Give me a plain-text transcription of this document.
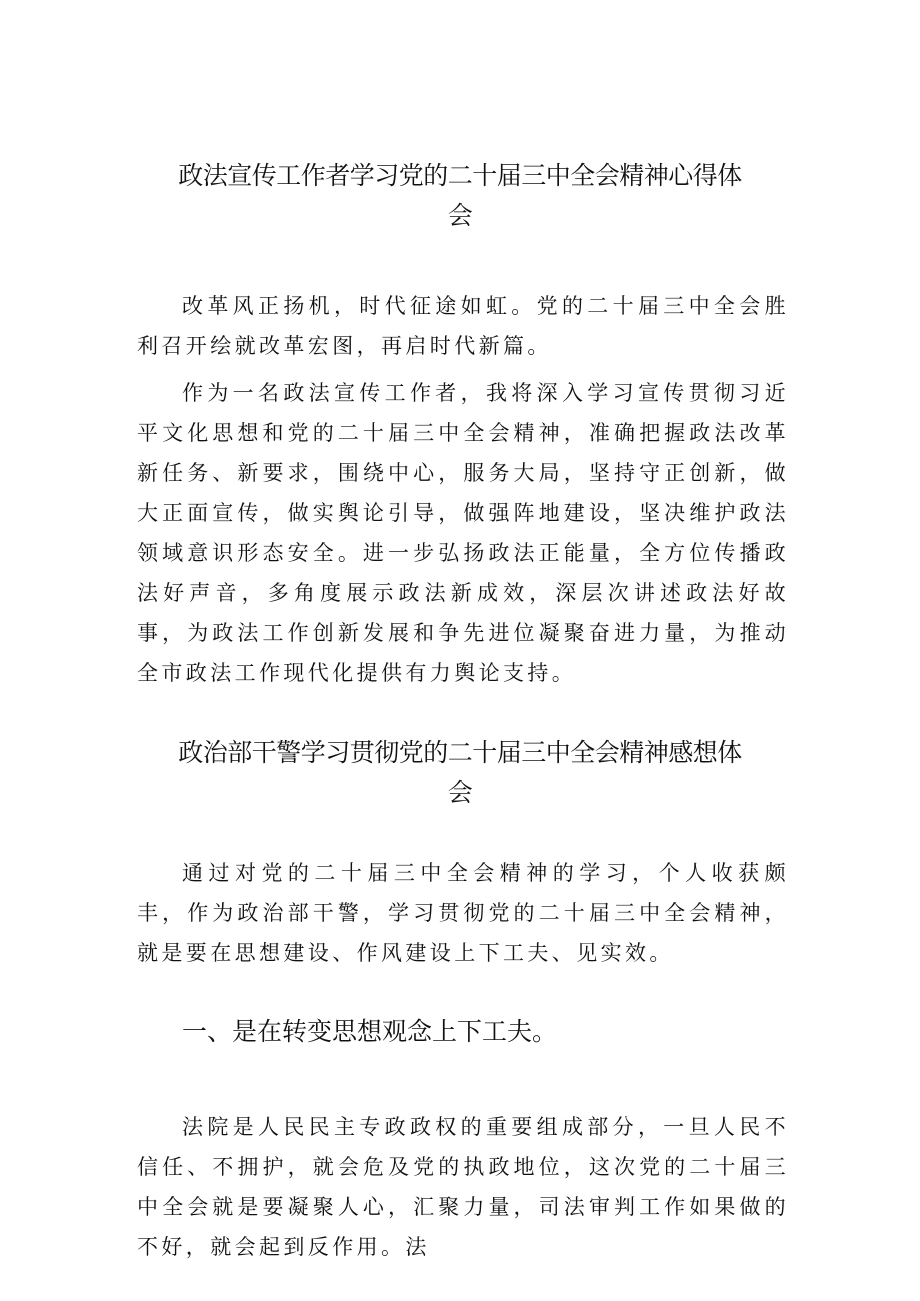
政法宣传工作者学习党的二十届三中全会精神心得体
会

改革风正扬机，时代征途如虹。党的二十届三中全会胜利召开绘就改革宏图，再启时代新篇。

作为一名政法宣传工作者，我将深入学习宣传贯彻习近平文化思想和党的二十届三中全会精神，准确把握政法改革新任务、新要求，围绕中心，服务大局，坚持守正创新，做大正面宣传，做实舆论引导，做强阵地建设，坚决维护政法领域意识形态安全。进一步弘扬政法正能量，全方位传播政法好声音，多角度展示政法新成效，深层次讲述政法好故事，为政法工作创新发展和争先进位凝聚奋进力量，为推动全市政法工作现代化提供有力舆论支持。

政治部干警学习贯彻党的二十届三中全会精神感想体
会

通过对党的二十届三中全会精神的学习，个人收获颇丰，作为政治部干警，学习贯彻党的二十届三中全会精神，就是要在思想建设、作风建设上下工夫、见实效。

一、是在转变思想观念上下工夫。

法院是人民民主专政政权的重要组成部分，一旦人民不信任、不拥护，就会危及党的执政地位，这次党的二十届三中全会就是要凝聚人心，汇聚力量，司法审判工作如果做的不好，就会起到反作用。法
